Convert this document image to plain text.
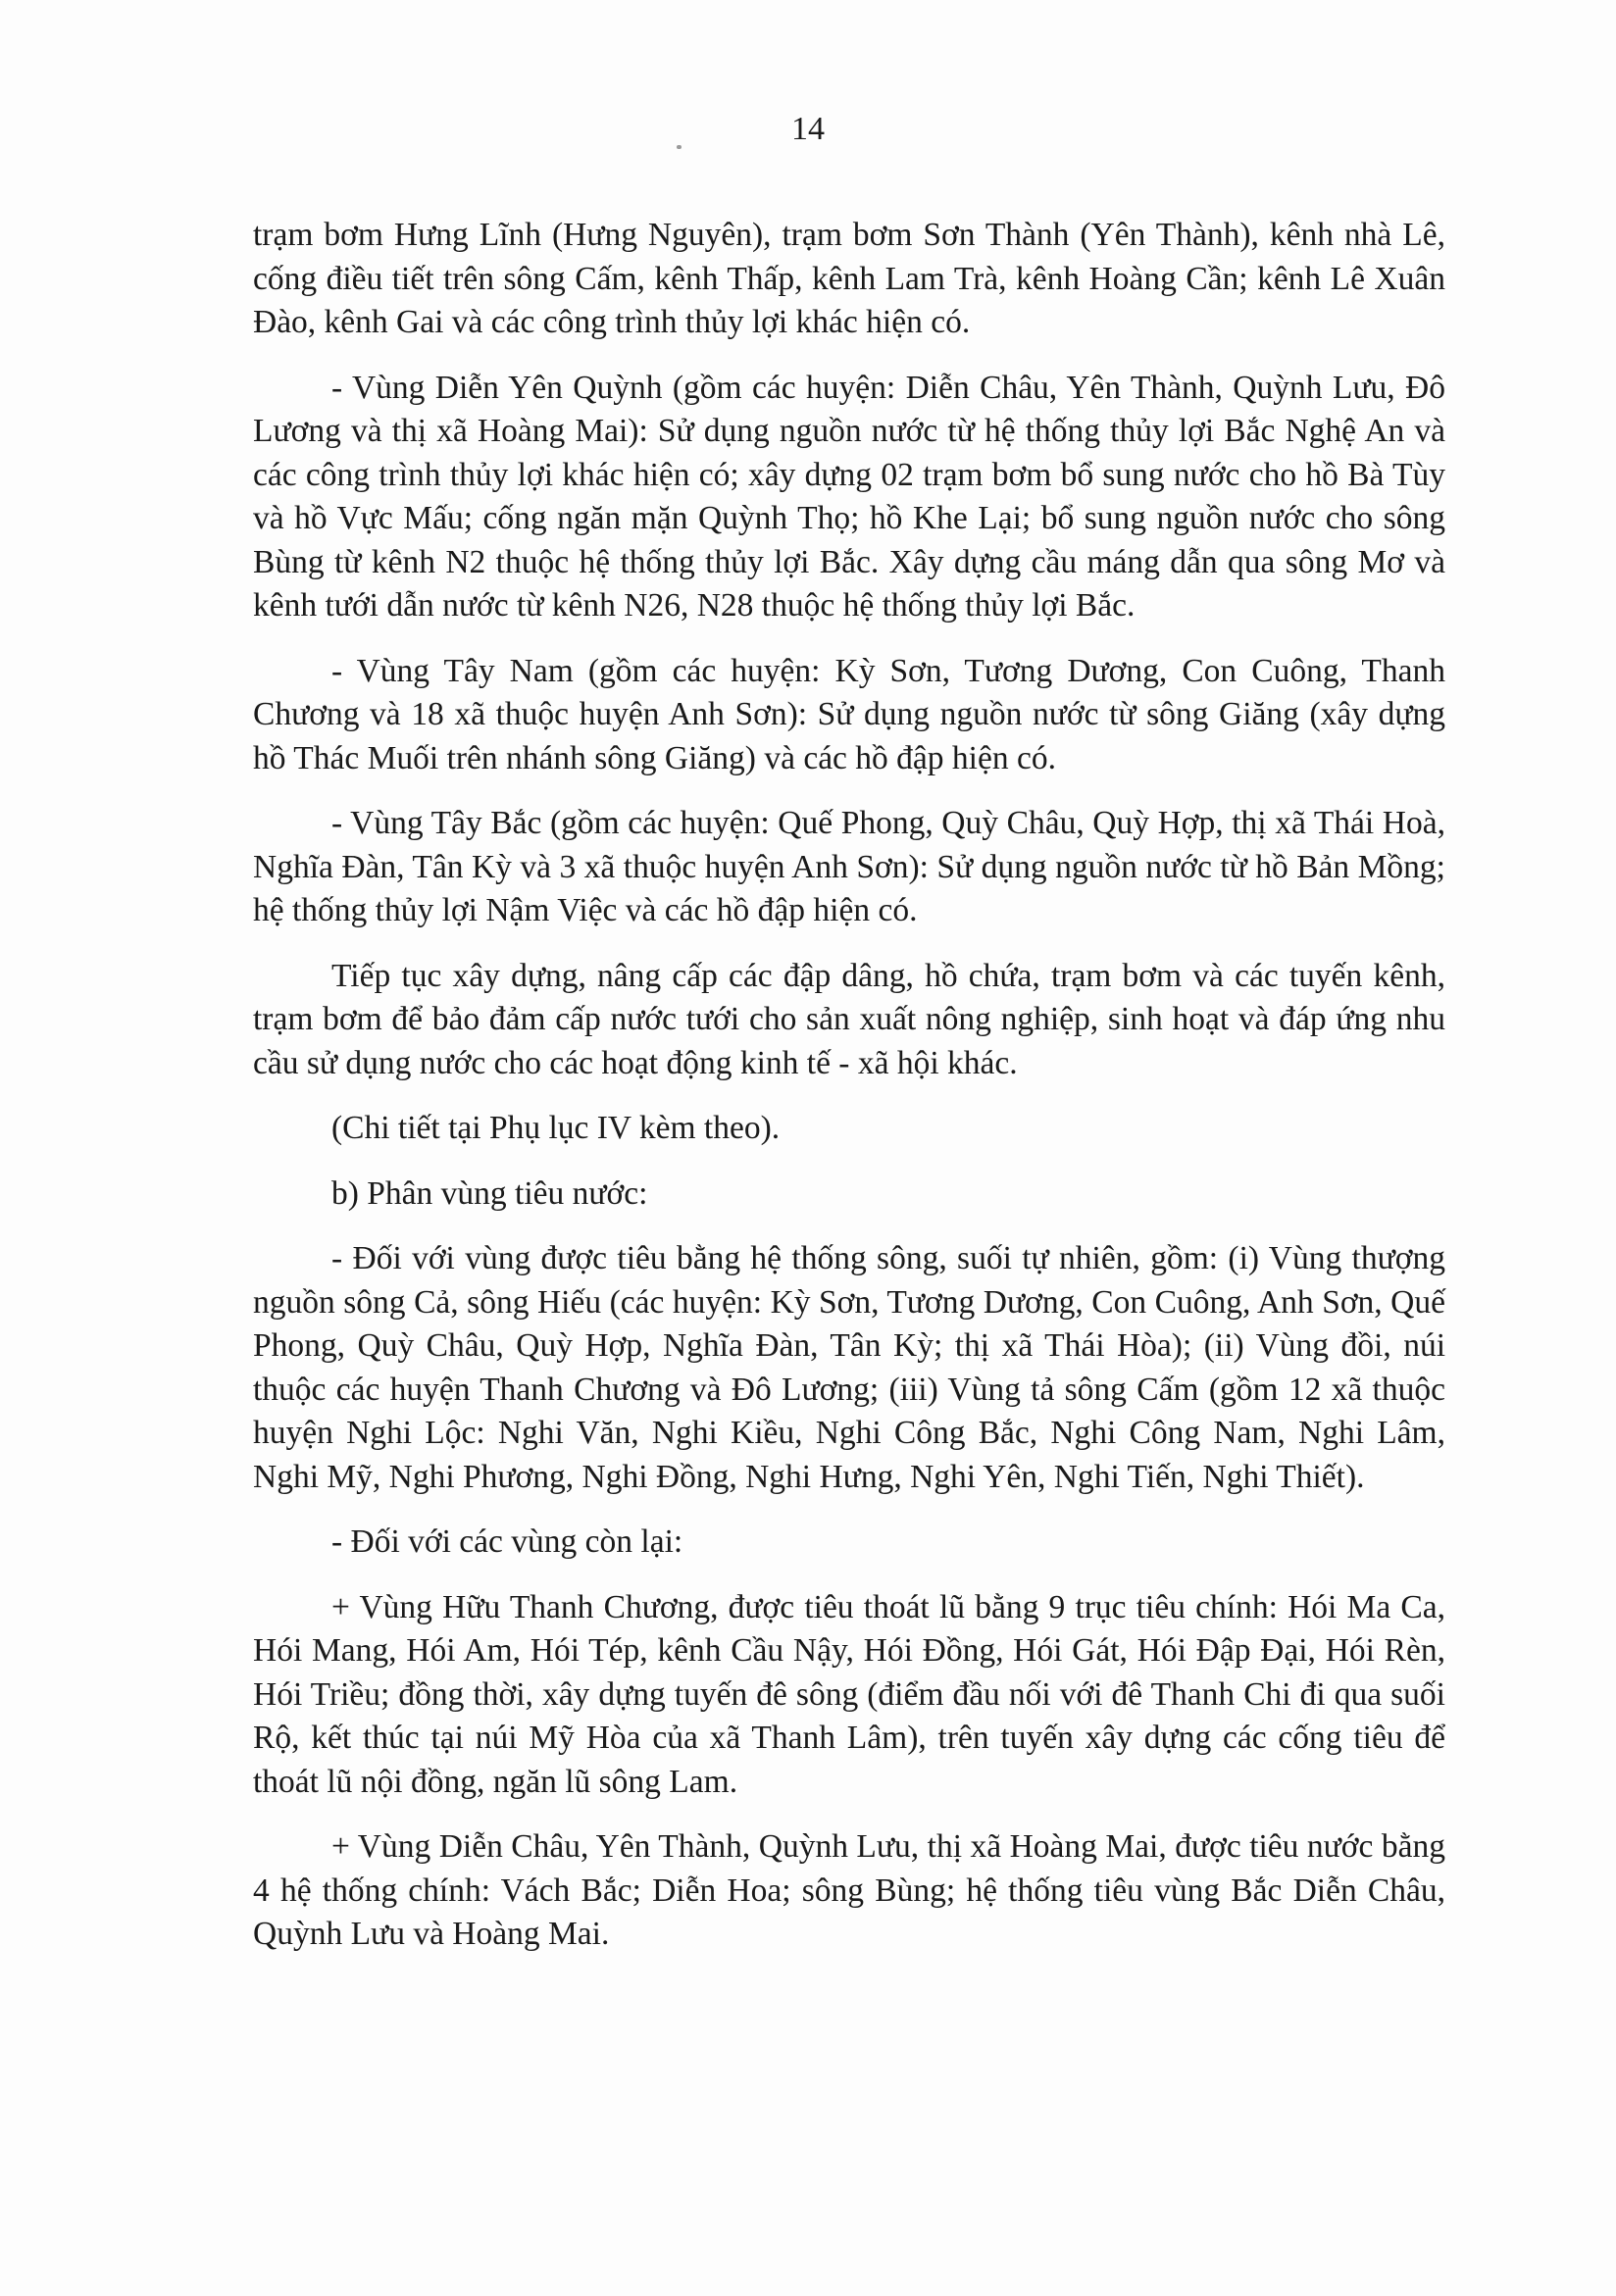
14

trạm bơm Hưng Lĩnh (Hưng Nguyên), trạm bơm Sơn Thành (Yên Thành), kênh nhà Lê, cống điều tiết trên sông Cấm, kênh Thấp, kênh Lam Trà, kênh Hoàng Cần; kênh Lê Xuân Đào, kênh Gai và các công trình thủy lợi khác hiện có.

- Vùng Diễn Yên Quỳnh (gồm các huyện: Diễn Châu, Yên Thành, Quỳnh Lưu, Đô Lương và thị xã Hoàng Mai): Sử dụng nguồn nước từ hệ thống thủy lợi Bắc Nghệ An và các công trình thủy lợi khác hiện có; xây dựng 02 trạm bơm bổ sung nước cho hồ Bà Tùy và hồ Vực Mấu; cống ngăn mặn Quỳnh Thọ; hồ Khe Lại; bổ sung nguồn nước cho sông Bùng từ kênh N2 thuộc hệ thống thủy lợi Bắc. Xây dựng cầu máng dẫn qua sông Mơ và kênh tưới dẫn nước từ kênh N26, N28 thuộc hệ thống thủy lợi Bắc.

- Vùng Tây Nam (gồm các huyện: Kỳ Sơn, Tương Dương, Con Cuông, Thanh Chương và 18 xã thuộc huyện Anh Sơn): Sử dụng nguồn nước từ sông Giăng (xây dựng hồ Thác Muối trên nhánh sông Giăng) và các hồ đập hiện có.

- Vùng Tây Bắc (gồm các huyện: Quế Phong, Quỳ Châu, Quỳ Hợp, thị xã Thái Hoà, Nghĩa Đàn, Tân Kỳ và 3 xã thuộc huyện Anh Sơn): Sử dụng nguồn nước từ hồ Bản Mồng; hệ thống thủy lợi Nậm Việc và các hồ đập hiện có.

Tiếp tục xây dựng, nâng cấp các đập dâng, hồ chứa, trạm bơm và các tuyến kênh, trạm bơm để bảo đảm cấp nước tưới cho sản xuất nông nghiệp, sinh hoạt và đáp ứng nhu cầu sử dụng nước cho các hoạt động kinh tế - xã hội khác.

(Chi tiết tại Phụ lục IV kèm theo).

b) Phân vùng tiêu nước:

- Đối với vùng được tiêu bằng hệ thống sông, suối tự nhiên, gồm: (i) Vùng thượng nguồn sông Cả, sông Hiếu (các huyện: Kỳ Sơn, Tương Dương, Con Cuông, Anh Sơn, Quế Phong, Quỳ Châu, Quỳ Hợp, Nghĩa Đàn, Tân Kỳ; thị xã Thái Hòa); (ii) Vùng đồi, núi thuộc các huyện Thanh Chương và Đô Lương; (iii) Vùng tả sông Cấm (gồm 12 xã thuộc huyện Nghi Lộc: Nghi Văn, Nghi Kiều, Nghi Công Bắc, Nghi Công Nam, Nghi Lâm, Nghi Mỹ, Nghi Phương, Nghi Đồng, Nghi Hưng, Nghi Yên, Nghi Tiến, Nghi Thiết).

- Đối với các vùng còn lại:

+ Vùng Hữu Thanh Chương, được tiêu thoát lũ bằng 9 trục tiêu chính: Hói Ma Ca, Hói Mang, Hói Am, Hói Tép, kênh Cầu Nậy, Hói Đồng, Hói Gát, Hói Đập Đại, Hói Rèn, Hói Triều; đồng thời, xây dựng tuyến đê sông (điểm đầu nối với đê Thanh Chi đi qua suối Rộ, kết thúc tại núi Mỹ Hòa của xã Thanh Lâm), trên tuyến xây dựng các cống tiêu để thoát lũ nội đồng, ngăn lũ sông Lam.

+ Vùng Diễn Châu, Yên Thành, Quỳnh Lưu, thị xã Hoàng Mai, được tiêu nước bằng 4 hệ thống chính: Vách Bắc; Diễn Hoa; sông Bùng; hệ thống tiêu vùng Bắc Diễn Châu, Quỳnh Lưu và Hoàng Mai.
